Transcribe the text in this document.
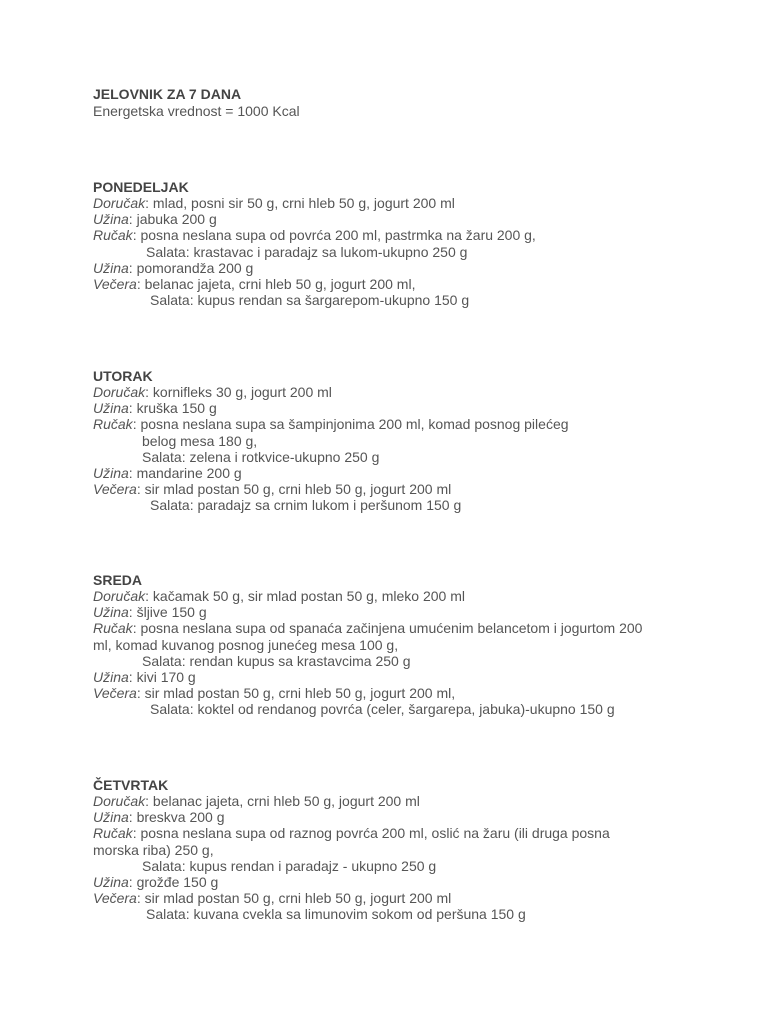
JELOVNIK ZA 7 DANA
Energetska vrednost = 1000 Kcal
PONEDELJAK
Doručak: mlad, posni sir 50 g, crni hleb 50 g, jogurt 200 ml
Užina: jabuka 200 g
Ručak: posna neslana supa od povrća 200 ml, pastrmka na žaru 200 g,
Salata: krastavac i paradajz sa lukom-ukupno 250 g
Užina: pomorandža 200 g
Večera: belanac jajeta, crni hleb 50 g, jogurt 200 ml,
Salata: kupus rendan sa šargarepom-ukupno 150 g
UTORAK
Doručak: kornifleks 30 g, jogurt 200 ml
Užina: kruška 150 g
Ručak: posna neslana supa sa šampinjonima 200 ml, komad posnog pilećeg
belog mesa 180 g,
Salata: zelena i rotkvice-ukupno 250 g
Užina: mandarine 200 g
Večera: sir mlad postan 50 g, crni hleb 50 g, jogurt 200 ml
Salata: paradajz sa crnim lukom i peršunom 150 g
SREDA
Doručak: kačamak 50 g, sir mlad postan 50 g, mleko 200 ml
Užina: šljive 150 g
Ručak: posna neslana supa od spanaća začinjena umućenim belancetom i jogurtom 200
ml, komad kuvanog posnog junećeg mesa 100 g,
Salata: rendan kupus sa krastavcima 250 g
Užina: kivi 170 g
Večera: sir mlad postan 50 g, crni hleb 50 g, jogurt 200 ml,
Salata: koktel od rendanog povrća (celer, šargarepa, jabuka)-ukupno 150 g
ČETVRTAK
Doručak: belanac jajeta, crni hleb 50 g, jogurt 200 ml
Užina: breskva 200 g
Ručak: posna neslana supa od raznog povrća 200 ml, oslić na žaru (ili druga posna
morska riba) 250 g,
Salata: kupus rendan i paradajz - ukupno 250 g
Užina: grožđe 150 g
Večera: sir mlad postan 50 g, crni hleb 50 g, jogurt 200 ml
Salata: kuvana cvekla sa limunovim sokom od peršuna 150 g
